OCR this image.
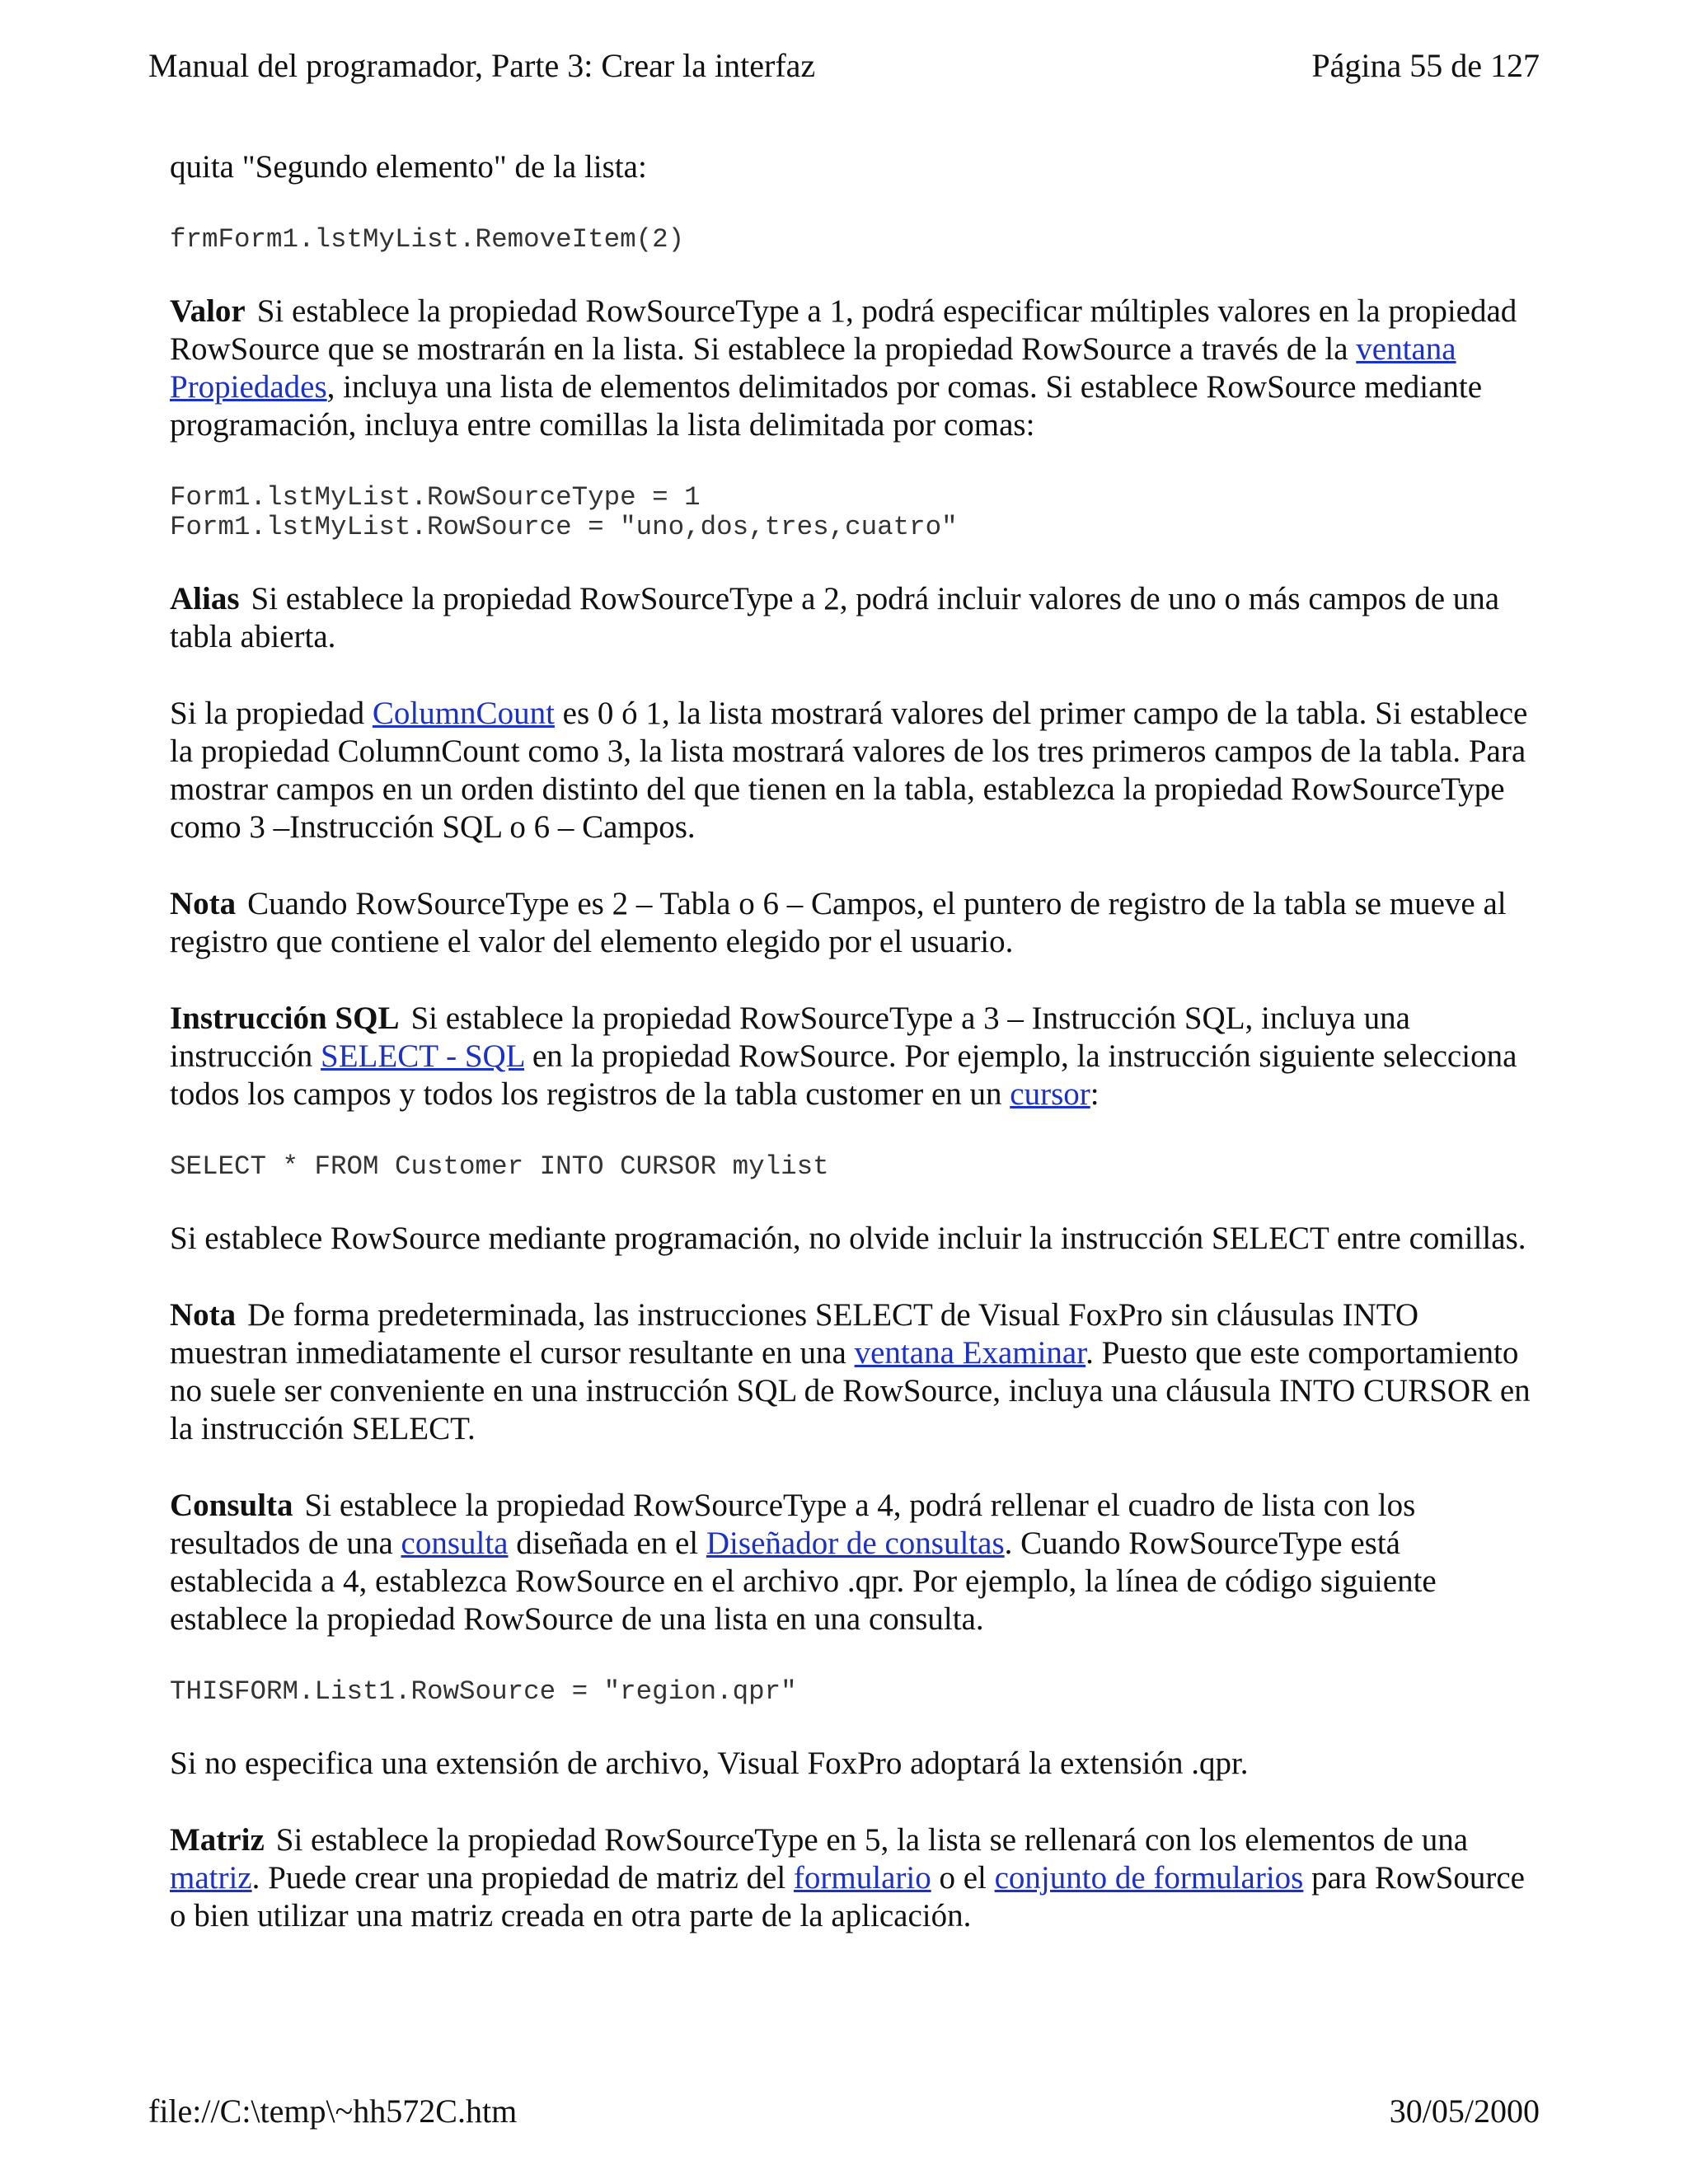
Manual del programador, Parte 3: Crear la interfaz	Página 55 de 127

quita "Segundo elemento" de la lista:

frmForm1.lstMyList.RemoveItem(2)

Valor Si establece la propiedad RowSourceType a 1, podrá especificar múltiples valores en la propiedad RowSource que se mostrarán en la lista. Si establece la propiedad RowSource a través de la ventana Propiedades, incluya una lista de elementos delimitados por comas. Si establece RowSource mediante programación, incluya entre comillas la lista delimitada por comas:

Form1.lstMyList.RowSourceType = 1
Form1.lstMyList.RowSource = "uno,dos,tres,cuatro"

Alias Si establece la propiedad RowSourceType a 2, podrá incluir valores de uno o más campos de una tabla abierta.

Si la propiedad ColumnCount es 0 ó 1, la lista mostrará valores del primer campo de la tabla. Si establece la propiedad ColumnCount como 3, la lista mostrará valores de los tres primeros campos de la tabla. Para mostrar campos en un orden distinto del que tienen en la tabla, establezca la propiedad RowSourceType como 3 –Instrucción SQL o 6 – Campos.

Nota Cuando RowSourceType es 2 – Tabla o 6 – Campos, el puntero de registro de la tabla se mueve al registro que contiene el valor del elemento elegido por el usuario.

Instrucción SQL Si establece la propiedad RowSourceType a 3 – Instrucción SQL, incluya una instrucción SELECT - SQL en la propiedad RowSource. Por ejemplo, la instrucción siguiente selecciona todos los campos y todos los registros de la tabla customer en un cursor:

SELECT * FROM Customer INTO CURSOR mylist

Si establece RowSource mediante programación, no olvide incluir la instrucción SELECT entre comillas.

Nota De forma predeterminada, las instrucciones SELECT de Visual FoxPro sin cláusulas INTO muestran inmediatamente el cursor resultante en una ventana Examinar. Puesto que este comportamiento no suele ser conveniente en una instrucción SQL de RowSource, incluya una cláusula INTO CURSOR en la instrucción SELECT.

Consulta Si establece la propiedad RowSourceType a 4, podrá rellenar el cuadro de lista con los resultados de una consulta diseñada en el Diseñador de consultas. Cuando RowSourceType está establecida a 4, establezca RowSource en el archivo .qpr. Por ejemplo, la línea de código siguiente establece la propiedad RowSource de una lista en una consulta.

THISFORM.List1.RowSource = "region.qpr"

Si no especifica una extensión de archivo, Visual FoxPro adoptará la extensión .qpr.

Matriz Si establece la propiedad RowSourceType en 5, la lista se rellenará con los elementos de una matriz. Puede crear una propiedad de matriz del formulario o el conjunto de formularios para RowSource o bien utilizar una matriz creada en otra parte de la aplicación.

file://C:\temp\~hh572C.htm	30/05/2000
